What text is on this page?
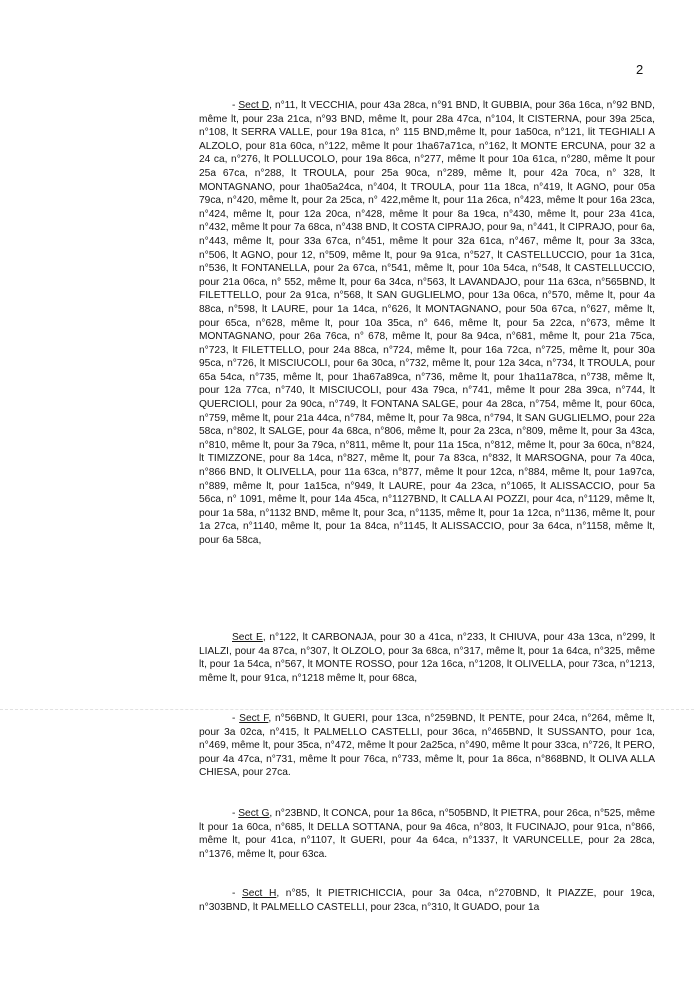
2

- Sect D, n°11, lt VECCHIA, pour 43a 28ca, n°91 BND, lt GUBBIA, pour 36a 16ca, n°92 BND, même lt, pour 23a 21ca, n°93 BND, même lt, pour 28a 47ca, n°104, lt CISTERNA, pour 39a 25ca, n°108, lt SERRA VALLE, pour 19a 81ca, n° 115 BND,même lt, pour 1a50ca, n°121, lit TEGHIALI A ALZOLO, pour 81a 60ca, n°122, même lt pour 1ha67a71ca, n°162, lt MONTE ERCUNA, pour 32 a 24 ca, n°276, lt POLLUCOLO, pour 19a 86ca, n°277, même lt pour 10a 61ca, n°280, même lt pour 25a 67ca, n°288, lt TROULA, pour 25a 90ca, n°289, même lt, pour 42a 70ca, n° 328, lt MONTAGNANO, pour 1ha05a24ca, n°404, lt TROULA, pour 11a 18ca, n°419, lt AGNO, pour 05a 79ca, n°420, même lt, pour 2a 25ca, n° 422,même lt, pour 11a 26ca, n°423, même lt pour 16a 23ca, n°424, même lt, pour 12a 20ca, n°428, même lt pour 8a 19ca, n°430, même lt, pour 23a 41ca, n°432, même lt pour 7a 68ca, n°438 BND, lt COSTA CIPRAJO, pour 9a, n°441, lt CIPRAJO, pour 6a, n°443, même lt, pour 33a 67ca, n°451, même lt pour 32a 61ca, n°467, même lt, pour 3a 33ca, n°506, lt AGNO, pour 12, n°509, même lt, pour 9a 91ca, n°527, lt CASTELLUCCIO, pour 1a 31ca, n°536, lt FONTANELLA, pour 2a 67ca, n°541, même lt, pour 10a 54ca, n°548, lt CASTELLUCCIO, pour 21a 06ca, n° 552, même lt, pour 6a 34ca, n°563, lt LAVANDAJO, pour 11a 63ca, n°565BND, lt FILETTELLO, pour 2a 91ca, n°568, lt SAN GUGLIELMO, pour 13a 06ca, n°570, même lt, pour 4a 88ca, n°598, lt LAURE, pour 1a 14ca, n°626, lt MONTAGNANO, pour 50a 67ca, n°627, même lt, pour 65ca, n°628, même lt, pour 10a 35ca, n° 646, même lt, pour 5a 22ca, n°673, même lt MONTAGNANO, pour 26a 76ca, n° 678, même lt, pour 8a 94ca, n°681, même lt, pour 21a 75ca, n°723, lt FILETTELLO, pour 24a 88ca, n°724, même lt, pour 16a 72ca, n°725, même lt, pour 30a 95ca, n°726, lt MISCIUCOLI, pour 6a 30ca, n°732, même lt, pour 12a 34ca, n°734, lt TROULA, pour 65a 54ca, n°735, même lt, pour 1ha67a89ca, n°736, même lt, pour 1ha11a78ca, n°738, même lt, pour 12a 77ca, n°740, lt MISCIUCOLI, pour 43a 79ca, n°741, même lt pour 28a 39ca, n°744, lt QUERCIOLI, pour 2a 90ca, n°749, lt FONTANA SALGE, pour 4a 28ca, n°754, même lt, pour 60ca, n°759, même lt, pour 21a 44ca, n°784, même lt, pour 7a 98ca, n°794, lt SAN GUGLIELMO, pour 22a 58ca, n°802, lt SALGE, pour 4a 68ca, n°806, même lt, pour 2a 23ca, n°809, même lt, pour 3a 43ca, n°810, même lt, pour 3a 79ca, n°811, même lt, pour 11a 15ca, n°812, même lt, pour 3a 60ca, n°824, lt TIMIZZONE, pour 8a 14ca, n°827, même lt, pour 7a 83ca, n°832, lt MARSOGNA, pour 7a 40ca, n°866 BND, lt OLIVELLA, pour 11a 63ca, n°877, même lt pour 12ca, n°884, même lt, pour 1a97ca, n°889, même lt, pour 1a15ca, n°949, lt LAURE, pour 4a 23ca, n°1065, lt ALISSACCIO, pour 5a 56ca, n° 1091, même lt, pour 14a 45ca, n°1127BND, lt CALLA AI POZZI, pour 4ca, n°1129, même lt, pour 1a 58a, n°1132 BND, même lt, pour 3ca, n°1135, même lt, pour 1a 12ca, n°1136, même lt, pour 1a 27ca, n°1140, même lt, pour 1a 84ca, n°1145, lt ALISSACCIO, pour 3a 64ca, n°1158, même lt, pour 6a 58ca,

Sect E, n°122, lt CARBONAJA, pour 30 a 41ca, n°233, lt CHIUVA, pour 43a 13ca, n°299, lt LIALZI, pour 4a 87ca, n°307, lt OLZOLO, pour 3a 68ca, n°317, même lt, pour 1a 64ca, n°325, même lt, pour 1a 54ca, n°567, lt MONTE ROSSO, pour 12a 16ca, n°1208, lt OLIVELLA, pour 73ca, n°1213, même lt, pour 91ca, n°1218 même lt, pour 68ca,

- Sect F, n°56BND, lt GUERI, pour 13ca, n°259BND, lt PENTE, pour 24ca, n°264, même lt, pour 3a 02ca, n°415, lt PALMELLO CASTELLI, pour 36ca, n°465BND, lt SUSSANTO, pour 1ca, n°469, même lt, pour 35ca, n°472, même lt pour 2a25ca, n°490, même lt pour 33ca, n°726, lt PERO, pour 4a 47ca, n°731, même lt pour 76ca, n°733, même lt, pour 1a 86ca, n°868BND, lt OLIVA ALLA CHIESA, pour 27ca.

- Sect G, n°23BND, lt CONCA, pour 1a 86ca, n°505BND, lt PIETRA, pour 26ca, n°525, même lt pour 1a 60ca, n°685, lt DELLA SOTTANA, pour 9a 46ca, n°803, lt FUCINAJO, pour 91ca, n°866, même lt, pour 41ca, n°1107, lt GUERI, pour 4a 64ca, n°1337, lt VARUNCELLE, pour 2a 28ca, n°1376, même lt, pour 63ca.

- Sect H, n°85, lt PIETRICHICCIA, pour 3a 04ca, n°270BND, lt PIAZZE, pour 19ca, n°303BND, lt PALMELLO CASTELLI, pour 23ca, n°310, lt GUADO, pour 1a
